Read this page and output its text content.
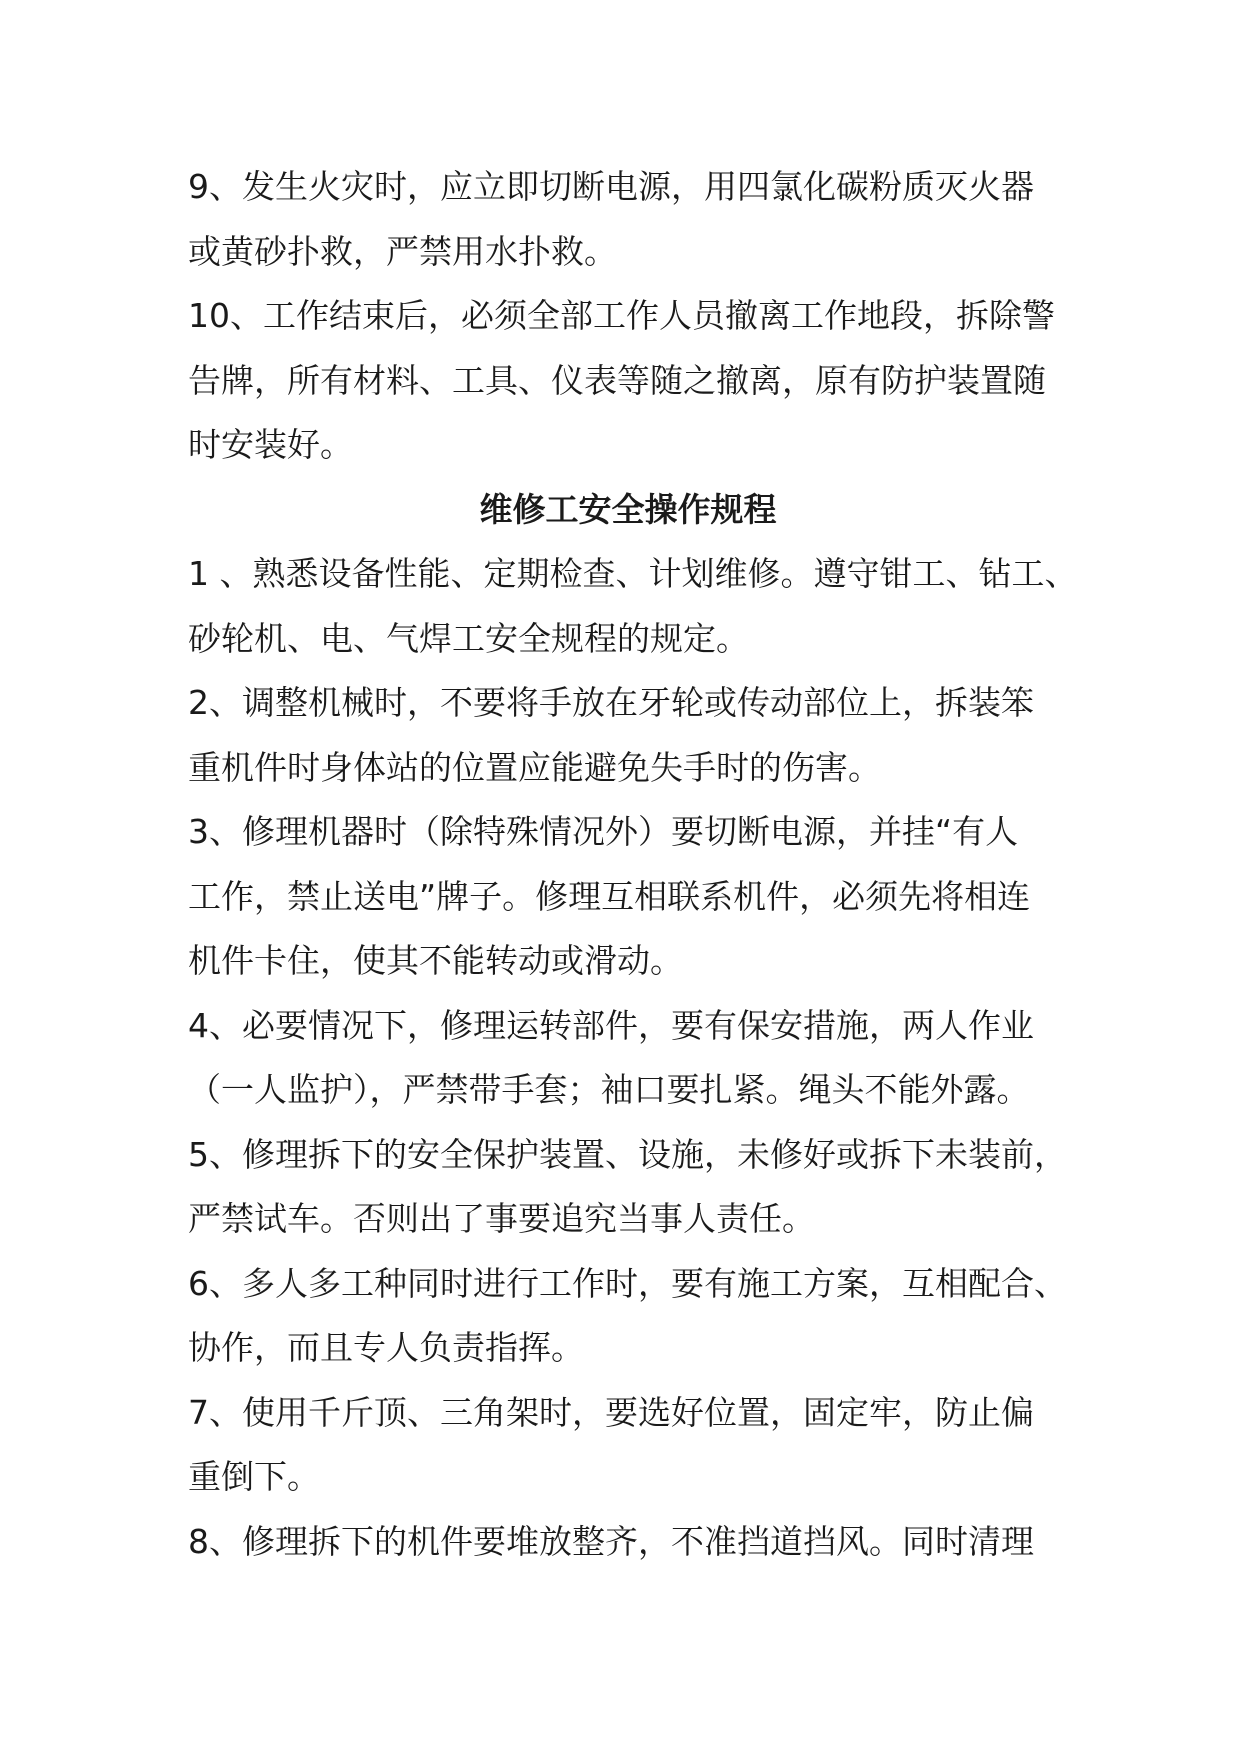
9、发生火灾时，应立即切断电源，用四氯化碳粉质灭火器
或黄砂扑救，严禁用水扑救。
10、工作结束后，必须全部工作人员撤离工作地段，拆除警
告牌，所有材料、工具、仪表等随之撤离，原有防护装置随
时安装好。
维修工安全操作规程
1 、熟悉设备性能、定期检查、计划维修。遵守钳工、钻工、
砂轮机、电、气焊工安全规程的规定。
2、调整机械时，不要将手放在牙轮或传动部位上，拆装笨
重机件时身体站的位置应能避免失手时的伤害。
3、修理机器时（除特殊情况外）要切断电源，并挂“有人
工作，禁止送电”牌子。修理互相联系机件，必须先将相连
机件卡住，使其不能转动或滑动。
4、必要情况下，修理运转部件，要有保安措施，两人作业
（一人监护），严禁带手套；袖口要扎紧。绳头不能外露。
5、修理拆下的安全保护装置、设施，未修好或拆下未装前，
严禁试车。否则出了事要追究当事人责任。
6、多人多工种同时进行工作时，要有施工方案，互相配合、
协作，而且专人负责指挥。
7、使用千斤顶、三角架时，要选好位置，固定牢，防止偏
重倒下。
8、修理拆下的机件要堆放整齐，不准挡道挡风。同时清理
